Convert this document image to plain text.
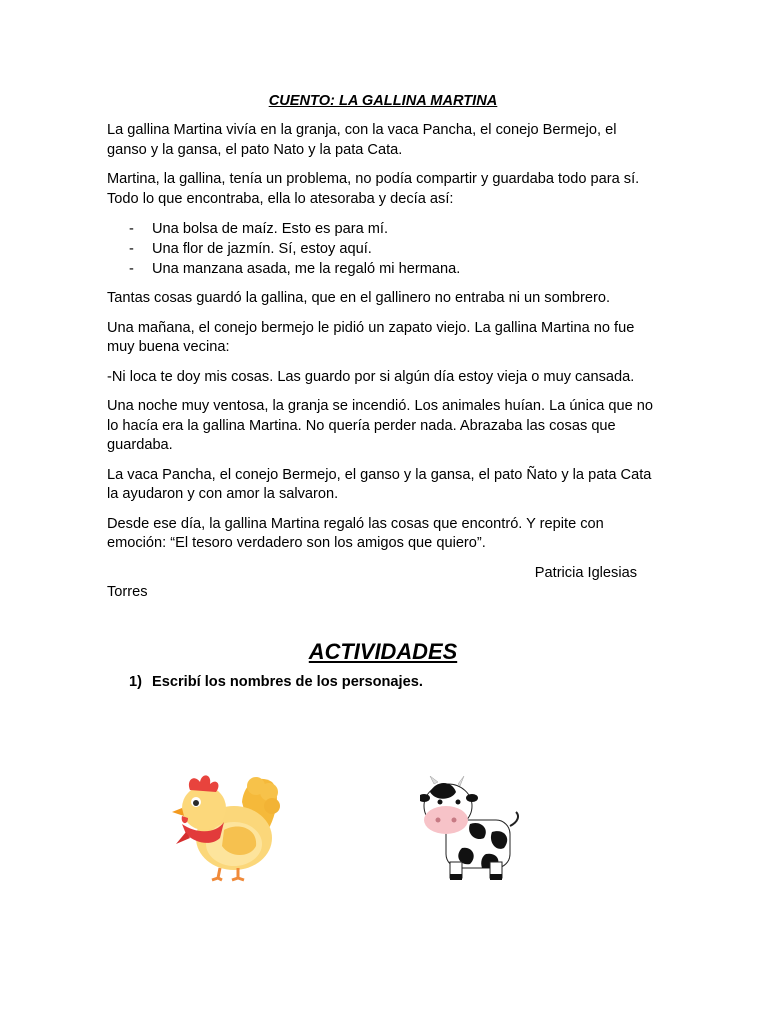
CUENTO: LA GALLINA MARTINA

La gallina Martina vivía en la granja, con la vaca Pancha, el conejo Bermejo, el ganso y la gansa, el pato Nato y la pata Cata.

Martina, la gallina, tenía un problema, no podía compartir y guardaba todo para sí. Todo lo que encontraba, ella lo atesoraba y decía así:

- Una bolsa de maíz. Esto es para mí.
- Una flor de jazmín. Sí, estoy aquí.
- Una manzana asada, me la regaló mi hermana.

Tantas cosas guardó la gallina, que en el gallinero no entraba ni un sombrero.

Una mañana, el conejo bermejo le pidió un zapato viejo. La gallina Martina no fue muy buena vecina:

-Ni loca te doy mis cosas. Las guardo por si algún día estoy vieja o muy cansada.

Una noche muy ventosa, la granja se incendió. Los animales huían. La única que no lo hacía era la gallina Martina. No quería perder nada. Abrazaba las cosas que guardaba.

La vaca Pancha, el conejo Bermejo, el ganso y la gansa, el pato Ñato y la pata Cata la ayudaron y con amor la salvaron.

Desde ese día, la gallina Martina regaló las cosas que encontró. Y repite con emoción: “El tesoro verdadero son los amigos que quiero”.

Patricia Iglesias
Torres
ACTIVIDADES

1) Escribí los nombres de los personajes.
